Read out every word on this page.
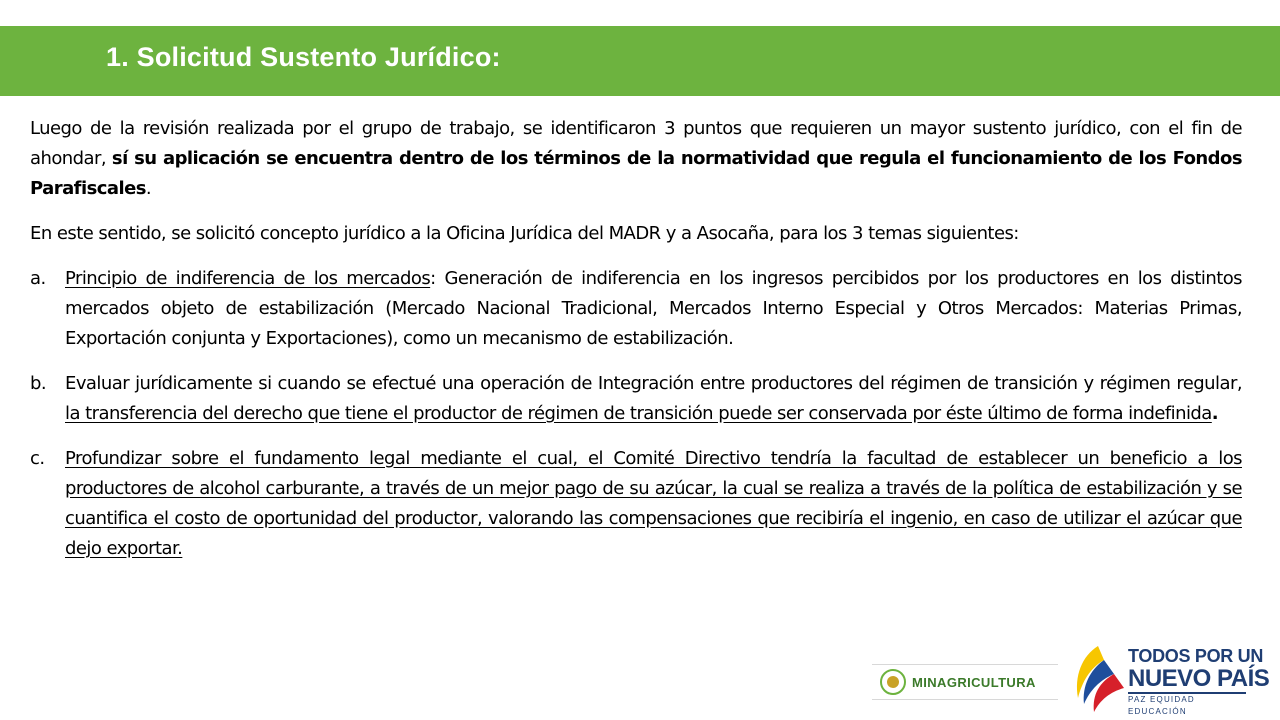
1. Solicitud Sustento Jurídico:

Luego de la revisión realizada por el grupo de trabajo, se identificaron 3 puntos que requieren un mayor sustento jurídico, con el fin de ahondar, sí su aplicación se encuentra dentro de los términos de la normatividad que regula el funcionamiento de los Fondos Parafiscales.

En este sentido, se solicitó concepto jurídico a la Oficina Jurídica del MADR y a Asocaña, para los 3 temas siguientes:

a. Principio de indiferencia de los mercados: Generación de indiferencia en los ingresos percibidos por los productores en los distintos mercados objeto de estabilización (Mercado Nacional Tradicional, Mercados Interno Especial y Otros Mercados: Materias Primas, Exportación conjunta y Exportaciones), como un mecanismo de estabilización.
b. Evaluar jurídicamente si cuando se efectué una operación de Integración entre productores del régimen de transición y régimen regular, la transferencia del derecho que tiene el productor de régimen de transición puede ser conservada por éste último de forma indefinida.
c. Profundizar sobre el fundamento legal mediante el cual, el Comité Directivo tendría la facultad de establecer un beneficio a los productores de alcohol carburante, a través de un mejor pago de su azúcar, la cual se realiza a través de la política de estabilización y se cuantifica el costo de oportunidad del productor, valorando las compensaciones que recibiría el ingenio, en caso de utilizar el azúcar que dejo exportar.
MINAGRICULTURA
TODOS POR UN
NUEVO PAÍS
PAZ EQUIDAD EDUCACIÓN
